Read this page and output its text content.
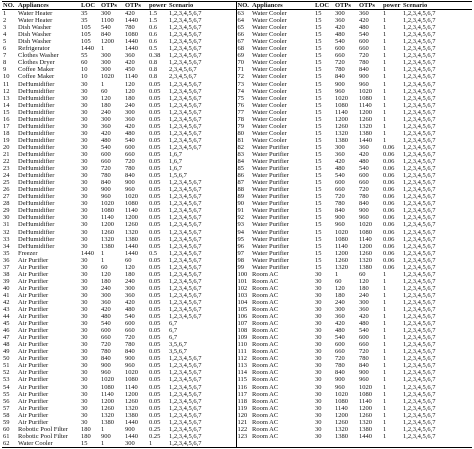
NO.	Appliances	LOC	OTPs	OTPs	power	Scenario	NO.	Appliances	LOC	OTPs	OTPs	power	Scenario
1	Water Heater	35	300	420	1.5	1,2,3,4,5,6,7	63	Water Cooler	15	300	360	1	1,2,3,4,5,6,7
2	Water Heater	35	1100	1440	1.5	1,2,3,4,5,6,7	64	Water Cooler	15	360	420	1	1,2,3,4,5,6,7
3	Dish Washer	105	540	780	0.6	1,2,3,4,5,6,7	65	Water Cooler	15	420	480	1	1,2,3,4,5,6,7
4	Dish Washer	105	840	1080	0.6	1,2,3,4,5,6,7	66	Water Cooler	15	480	540	1	1,2,3,4,5,6,7
5	Dish Washer	105	1200	1440	0.6	1,2,3,4,5,6,7	67	Water Cooler	15	540	600	1	1,2,3,4,5,6,7
6	Refrigerator	1440	1	1440	0.5	1,2,3,4,5,6,7	68	Water Cooler	15	600	660	1	1,2,3,4,5,6,7
7	Clothes Washer	55	300	360	0.38	1,2,3,4,5,6,7	69	Water Cooler	15	660	720	1	1,2,3,4,5,6,7
8	Clothes Dryer	60	300	420	0.8	1,2,3,4,5,6,7	70	Water Cooler	15	720	780	1	1,2,3,4,5,6,7
9	Coffee Maker	10	300	450	0.8	2,3,4,5,6,7	71	Water Cooler	15	780	840	1	1,2,3,4,5,6,7
10	Coffee Maker	10	1020	1140	0.8	2,3,4,5,6,7	72	Water Cooler	15	840	900	1	1,2,3,4,5,6,7
11	DeHumidifier	30	1	120	0.05	1,2,3,4,5,6,7	73	Water Cooler	15	900	960	1	1,2,3,4,5,6,7
12	DeHumidifier	30	60	120	0.05	1,2,3,4,5,6,7	74	Water Cooler	15	960	1020	1	1,2,3,4,5,6,7
13	DeHumidifier	30	120	180	0.05	1,2,3,4,5,6,7	75	Water Cooler	15	1020	1080	1	1,2,3,4,5,6,7
14	DeHumidifier	30	180	240	0.05	1,2,3,4,5,6,7	76	Water Cooler	15	1080	1140	1	1,2,3,4,5,6,7
15	DeHumidifier	30	240	300	0.05	1,2,3,4,5,6,7	77	Water Cooler	15	1140	1200	1	1,2,3,4,5,6,7
16	DeHumidifier	30	300	360	0.05	1,2,3,4,5,6,7	78	Water Cooler	15	1200	1260	1	1,2,3,4,5,6,7
17	DeHumidifier	30	360	420	0.05	1,2,3,4,5,6,7	79	Water Cooler	15	1260	1320	1	1,2,3,4,5,6,7
18	DeHumidifier	30	420	480	0.05	1,2,3,4,5,6,7	80	Water Cooler	15	1320	1380	1	1,2,3,4,5,6,7
19	DeHumidifier	30	480	540	0.05	1,2,3,4,5,6,7	81	Water Cooler	15	1380	1440	1	1,2,3,4,5,6,7
20	DeHumidifier	30	540	600	0.05	1,2,3,4,5,6,7	82	Water Purifier	15	300	360	0.06	1,2,3,4,5,6,7
21	DeHumidifier	30	600	660	0.05	1,6,7	83	Water Purifier	15	360	420	0.06	1,2,3,4,5,6,7
22	DeHumidifier	30	660	720	0.05	1,6,7	84	Water Purifier	15	420	480	0.06	1,2,3,4,5,6,7
23	DeHumidifier	30	720	780	0.05	1,6,7	85	Water Purifier	15	480	540	0.06	1,2,3,4,5,6,7
24	DeHumidifier	30	780	840	0.05	1,5,6,7	86	Water Purifier	15	540	600	0.06	1,2,3,4,5,6,7
25	DeHumidifier	30	840	900	0.05	1,2,3,4,5,6,7	87	Water Purifier	15	600	660	0.06	1,2,3,4,5,6,7
26	DeHumidifier	30	900	960	0.05	1,2,3,4,5,6,7	88	Water Purifier	15	660	720	0.06	1,2,3,4,5,6,7
27	DeHumidifier	30	960	1020	0.05	1,2,3,4,5,6,7	89	Water Purifier	15	720	780	0.06	1,2,3,4,5,6,7
28	DeHumidifier	30	1020	1080	0.05	1,2,3,4,5,6,7	90	Water Purifier	15	780	840	0.06	1,2,3,4,5,6,7
29	DeHumidifier	30	1080	1140	0.05	1,2,3,4,5,6,7	91	Water Purifier	15	840	900	0.06	1,2,3,4,5,6,7
30	DeHumidifier	30	1140	1200	0.05	1,2,3,4,5,6,7	92	Water Purifier	15	900	960	0.06	1,2,3,4,5,6,7
31	DeHumidifier	30	1200	1260	0.05	1,2,3,4,5,6,7	93	Water Purifier	15	960	1020	0.06	1,2,3,4,5,6,7
32	DeHumidifier	30	1260	1320	0.05	1,2,3,4,5,6,7	94	Water Purifier	15	1020	1080	0.06	1,2,3,4,5,6,7
33	DeHumidifier	30	1320	1380	0.05	1,2,3,4,5,6,7	95	Water Purifier	15	1080	1140	0.06	1,2,3,4,5,6,7
34	DeHumidifier	30	1380	1440	0.05	1,2,3,4,5,6,7	96	Water Purifier	15	1140	1200	0.06	1,2,3,4,5,6,7
35	Freezer	1440	1	1440	0.5	1,2,3,4,5,6,7	97	Water Purifier	15	1200	1260	0.06	1,2,3,4,5,6,7
36	Air Purifier	30	1	60	0.05	1,2,3,4,5,6,7	98	Water Purifier	15	1260	1320	0.06	1,2,3,4,5,6,7
37	Air Purifier	30	60	120	0.05	1,2,3,4,5,6,7	99	Water Purifier	15	1320	1380	0.06	1,2,3,4,5,6,7
38	Air Purifier	30	120	180	0.05	1,2,3,4,5,6,7	100	Room AC	30	1	60	1	1,2,3,4,5,6,7
39	Air Purifier	30	180	240	0.05	1,2,3,4,5,6,7	101	Room AC	30	60	120	1	1,2,3,4,5,6,7
40	Air Purifier	30	240	300	0.05	1,2,3,4,5,6,7	102	Room AC	30	120	180	1	1,2,3,4,5,6,7
41	Air Purifier	30	300	360	0.05	1,2,3,4,5,6,7	103	Room AC	30	180	240	1	1,2,3,4,5,6,7
42	Air Purifier	30	360	420	0.05	1,2,3,4,5,6,7	104	Room AC	30	240	300	1	1,2,3,4,5,6,7
43	Air Purifier	30	420	480	0.05	1,2,3,4,5,6,7	105	Room AC	30	300	360	1	1,2,3,4,5,6,7
44	Air Purifier	30	480	540	0.05	1,2,3,4,5,6,7	106	Room AC	30	360	420	1	1,2,3,4,5,6,7
45	Air Purifier	30	540	600	0.05	6,7	107	Room AC	30	420	480	1	1,2,3,4,5,6,7
46	Air Purifier	30	600	660	0.05	6,7	108	Room AC	30	480	540	1	1,2,3,4,5,6,7
47	Air Purifier	30	660	720	0.05	6,7	109	Room AC	30	540	600	1	1,2,3,4,5,6,7
48	Air Purifier	30	720	780	0.05	3,5,6,7	110	Room AC	30	600	660	1	1,2,3,4,5,6,7
49	Air Purifier	30	780	840	0.05	3,5,6,7	111	Room AC	30	660	720	1	1,2,3,4,5,6,7
50	Air Purifier	30	840	900	0.05	1,2,3,4,5,6,7	112	Room AC	30	720	780	1	1,2,3,4,5,6,7
51	Air Purifier	30	900	960	0.05	1,2,3,4,5,6,7	113	Room AC	30	780	840	1	1,2,3,4,5,6,7
52	Air Purifier	30	960	1020	0.05	1,2,3,4,5,6,7	114	Room AC	30	840	900	1	1,2,3,4,5,6,7
53	Air Purifier	30	1020	1080	0.05	1,2,3,4,5,6,7	115	Room AC	30	900	960	1	1,2,3,4,5,6,7
54	Air Purifier	30	1080	1140	0.05	1,2,3,4,5,6,7	116	Room AC	30	960	1020	1	1,2,3,4,5,6,7
55	Air Purifier	30	1140	1200	0.05	1,2,3,4,5,6,7	117	Room AC	30	1020	1080	1	1,2,3,4,5,6,7
56	Air Purifier	30	1200	1260	0.05	1,2,3,4,5,6,7	118	Room AC	30	1080	1140	1	1,2,3,4,5,6,7
57	Air Purifier	30	1260	1320	0.05	1,2,3,4,5,6,7	119	Room AC	30	1140	1200	1	1,2,3,4,5,6,7
58	Air Purifier	30	1320	1380	0.05	1,2,3,4,5,6,7	120	Room AC	30	1200	1260	1	1,2,3,4,5,6,7
59	Air Purifier	30	1380	1440	0.05	1,2,3,4,5,6,7	121	Room AC	30	1260	1320	1	1,2,3,4,5,6,7
60	Robotic Pool Filter	180	1	900	0.25	1,2,3,4,5,6,7	122	Room AC	30	1320	1380	1	1,2,3,4,5,6,7
61	Robotic Pool Filter	180	900	1440	0.25	1,2,3,4,5,6,7	123	Room AC	30	1380	1440	1	1,2,3,4,5,6,7
62	Water Cooler	15	1	300	1	1,2,3,4,5,6,7							
